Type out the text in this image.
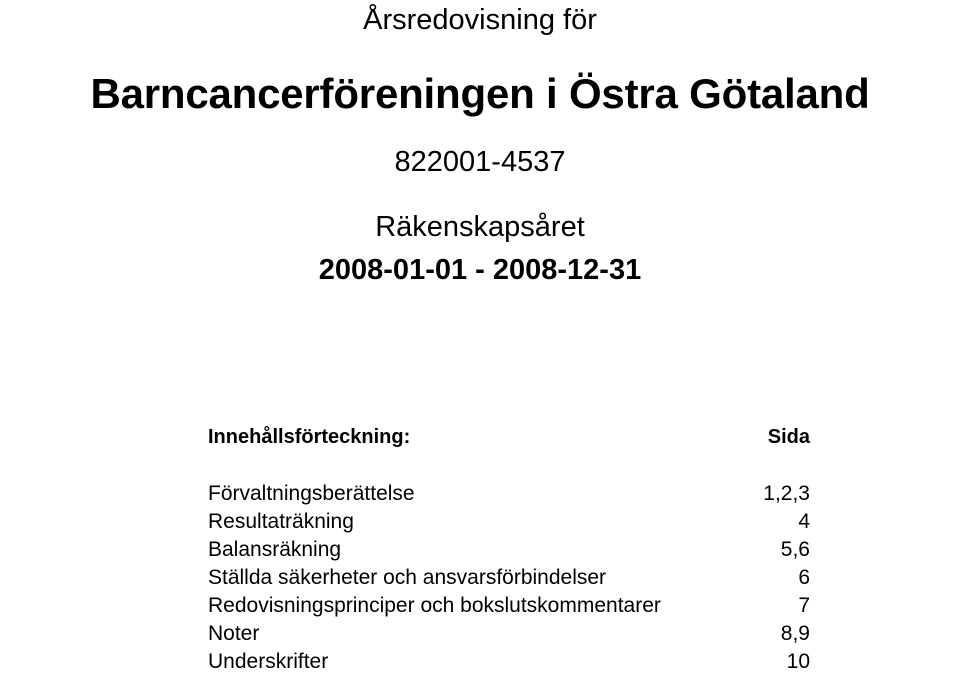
Årsredovisning för
Barncancerföreningen i Östra Götaland
822001-4537
Räkenskapsåret
2008-01-01 - 2008-12-31
Innehållsförteckning:	Sida
Förvaltningsberättelse	1,2,3
Resultaträkning	4
Balansräkning	5,6
Ställda säkerheter och ansvarsförbindelser	6
Redovisningsprinciper och bokslutskommentarer	7
Noter	8,9
Underskrifter	10
